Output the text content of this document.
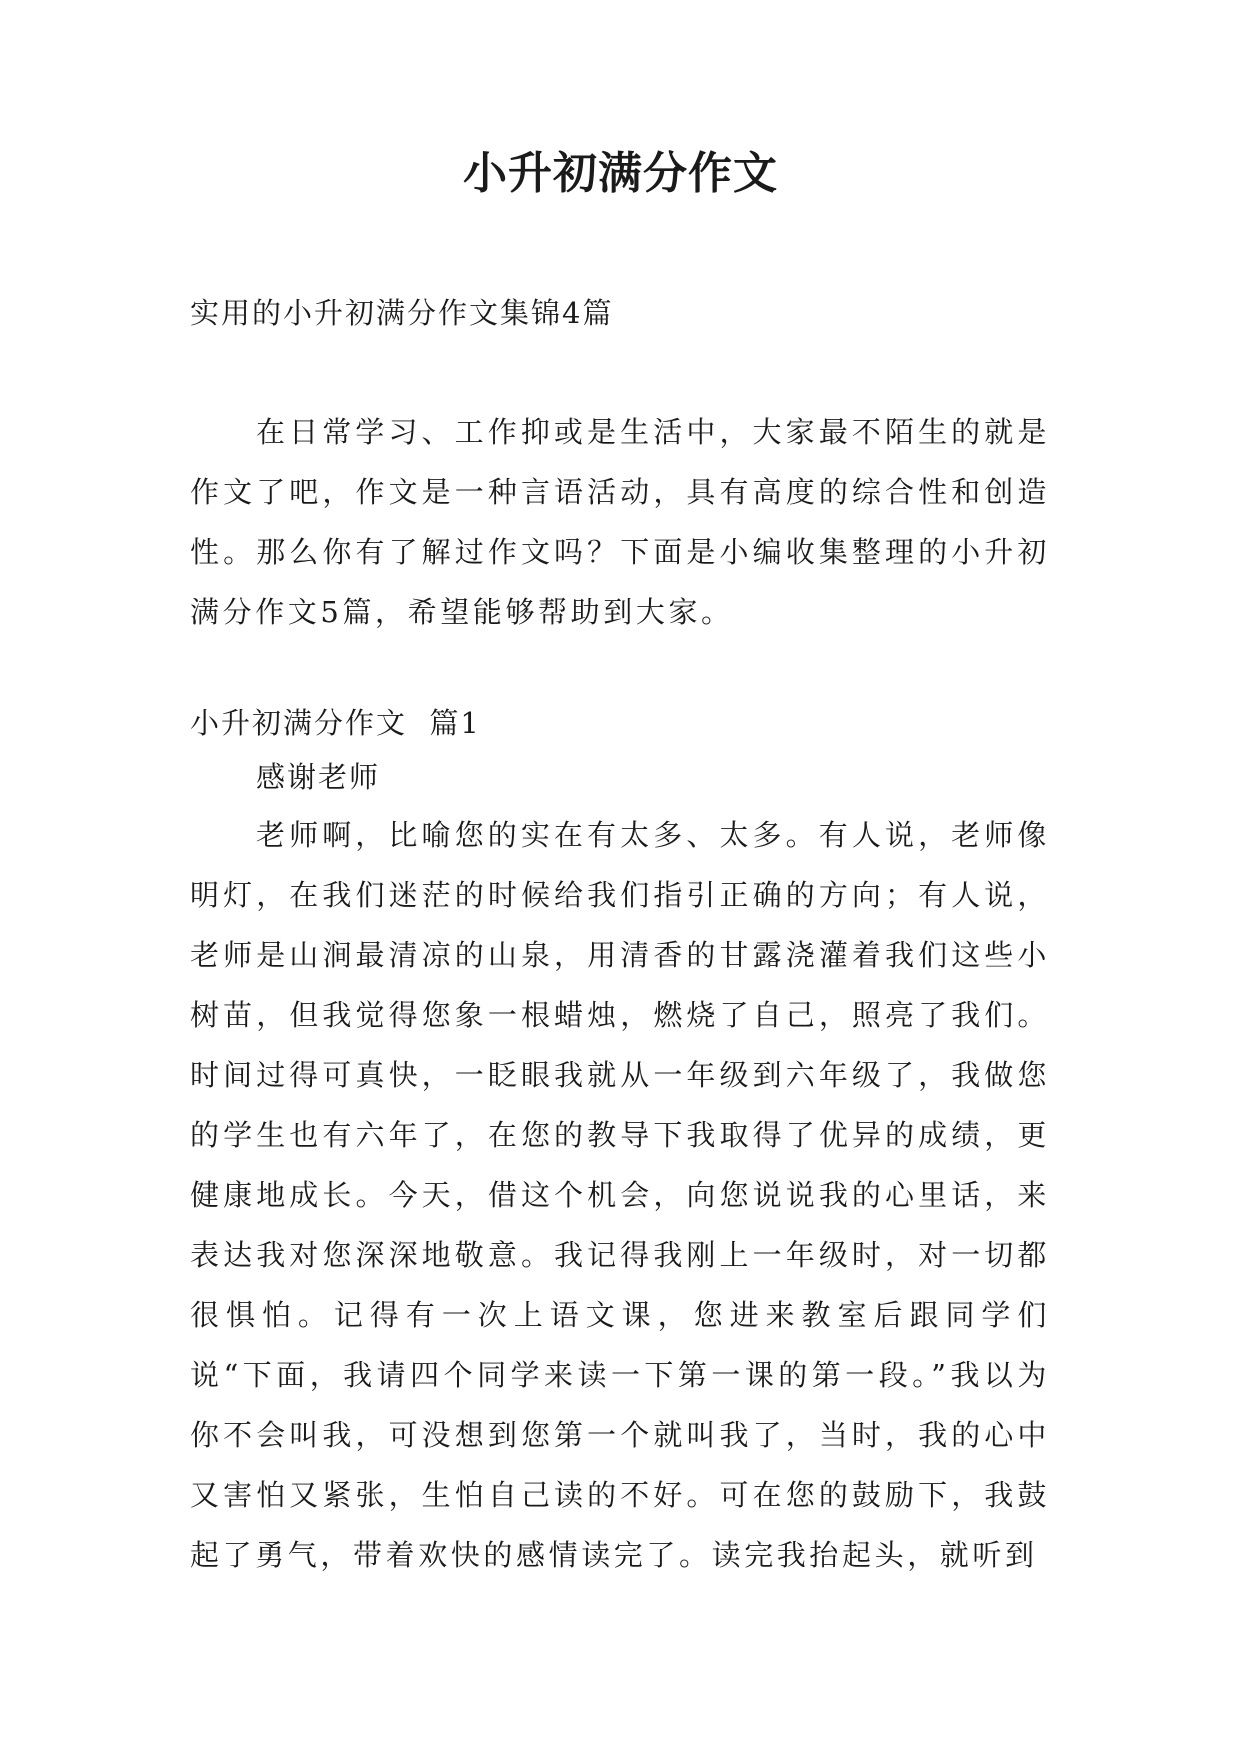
小升初满分作文

实用的小升初满分作文集锦4篇

在日常学习、工作抑或是生活中，大家最不陌生的就是作文了吧，作文是一种言语活动，具有高度的综合性和创造性。那么你有了解过作文吗？下面是小编收集整理的小升初满分作文5篇，希望能够帮助到大家。

小升初满分作文  篇1

感谢老师

老师啊，比喻您的实在有太多、太多。有人说，老师像明灯，在我们迷茫的时候给我们指引正确的方向；有人说，老师是山涧最清凉的山泉，用清香的甘露浇灌着我们这些小树苗，但我觉得您象一根蜡烛，燃烧了自己，照亮了我们。时间过得可真快，一眨眼我就从一年级到六年级了，我做您的学生也有六年了，在您的教导下我取得了优异的成绩，更健康地成长。今天，借这个机会，向您说说我的心里话，来表达我对您深深地敬意。我记得我刚上一年级时，对一切都很惧怕。记得有一次上语文课，您进来教室后跟同学们说“下面，我请四个同学来读一下第一课的第一段。”我以为你不会叫我，可没想到您第一个就叫我了，当时，我的心中又害怕又紧张，生怕自己读的不好。可在您的鼓励下，我鼓起了勇气，带着欢快的感情读完了。读完我抬起头，就听到
